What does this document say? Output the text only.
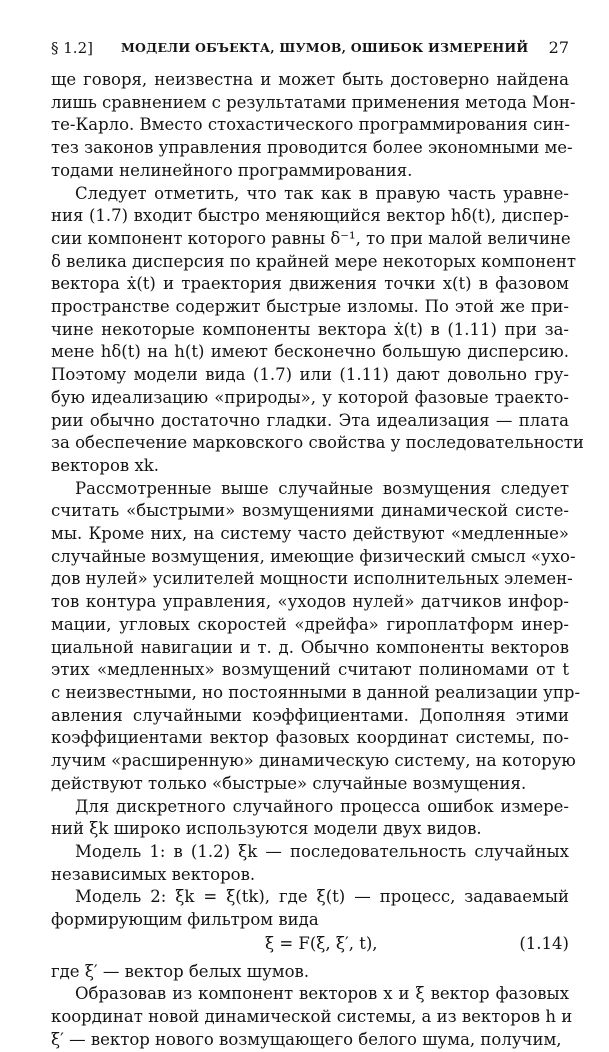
§ 1.2] МОДЕЛИ ОБЪЕКТА, ШУМОВ, ОШИБОК ИЗМЕРЕНИЙ 27

ще говоря, неизвестна и может быть достоверно найдена
лишь сравнением с результатами применения метода Мон-
те-Карло. Вместо стохастического программирования син-
тез законов управления проводится более экономными ме-
тодами нелинейного программирования.

Следует отметить, что так как в правую часть уравне-
ния (1.7) входит быстро меняющийся вектор hδ(t), диспер-
сии компонент которого равны δ⁻¹, то при малой величине
δ велика дисперсия по крайней мере некоторых компонент
вектора ẋ(t) и траектория движения точки x(t) в фазовом
пространстве содержит быстрые изломы. По этой же при-
чине некоторые компоненты вектора ẋ(t) в (1.11) при за-
мене hδ(t) на h(t) имеют бесконечно большую дисперсию.
Поэтому модели вида (1.7) или (1.11) дают довольно гру-
бую идеализацию «природы», у которой фазовые траекто-
рии обычно достаточно гладки. Эта идеализация — плата
за обеспечение марковского свойства у последовательности
векторов xk.

Рассмотренные выше случайные возмущения следует
считать «быстрыми» возмущениями динамической систе-
мы. Кроме них, на систему часто действуют «медленные»
случайные возмущения, имеющие физический смысл «ухо-
дов нулей» усилителей мощности исполнительных элемен-
тов контура управления, «уходов нулей» датчиков инфор-
мации, угловых скоростей «дрейфа» гироплатформ инер-
циальной навигации и т. д. Обычно компоненты векторов
этих «медленных» возмущений считают полиномами от t
с неизвестными, но постоянными в данной реализации упр-
авления случайными коэффициентами. Дополняя этими
коэффициентами вектор фазовых координат системы, по-
лучим «расширенную» динамическую систему, на которую
действуют только «быстрые» случайные возмущения.

Для дискретного случайного процесса ошибок измере-
ний ξk широко используются модели двух видов.

Модель 1: в (1.2) ξk — последовательность случайных
независимых векторов.

Модель 2: ξk = ξ(tk), где ξ(t) — процесс, задаваемый
формирующим фильтром вида

ξ = F(ξ, ξ′, t),	(1.14)

где ξ′ — вектор белых шумов.

Образовав из компонент векторов x и ξ вектор фазовых
координат новой динамической системы, а из векторов h и
ξ′ — вектор нового возмущающего белого шума, получим,
